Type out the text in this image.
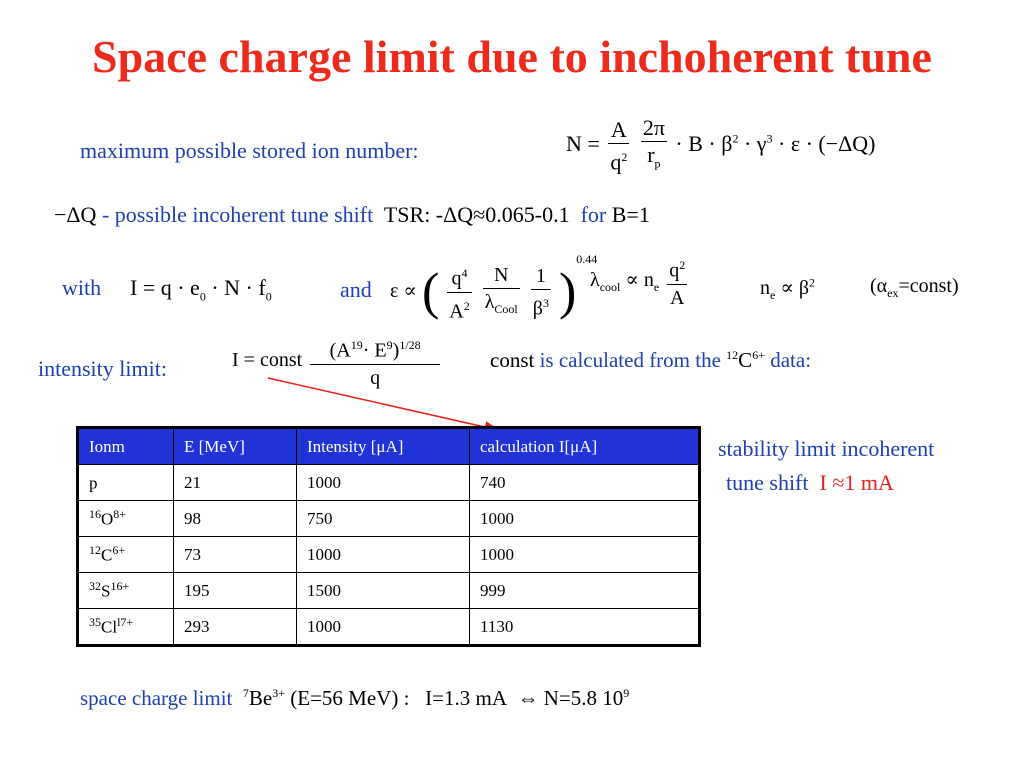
Space charge limit due to inchoherent tune
maximum possible stored ion number:	$N = \frac{A}{q^2}$
$\frac{2\pi}{r_p} \cdot B \cdot \beta^2 \cdot \gamma^3 \cdot \varepsilon \cdot (-\Delta Q)$
−ΔQ - possible incoherent tune shift TSR: -ΔQ≈0.065-0.1 for B=1
with $I = q \cdot e_0 \cdot N \cdot f_0$	and ε ∝ ( $\frac{q^4}{A^2}$
$\frac{N}{\lambda_{Cool}}$
$\frac{1}{\beta^3} )^{0.44}$
$\lambda_{cool} \propto n_e \frac{q^2}{A}$	$n_e \propto \beta^2$	$(\alpha_{ex}=const)$
intensity limit:	I = const $\frac{(A^{19}\cdot E^9)^{1/28}}{q}$ const is calculated from the $^{12}C^{6+}$ data:
Ionm	E [MeV]	Intensity [μA]	calculation I[μA]
p	21	1000	740
$^{16}O^{8+}$	98	750	1000
$^{12}C^{6+}$	73	1000	1000
$^{32}S^{16+}$	195	1500	999
$^{35}Cl^{l7+}$	293	1000	1130
stability limit incoherent
tune shift I ≈1 mA
space charge limit $^7Be^{3+}$ (E=56 MeV) : I=1.3 mA ⇔ N=5.8 $10^9$
